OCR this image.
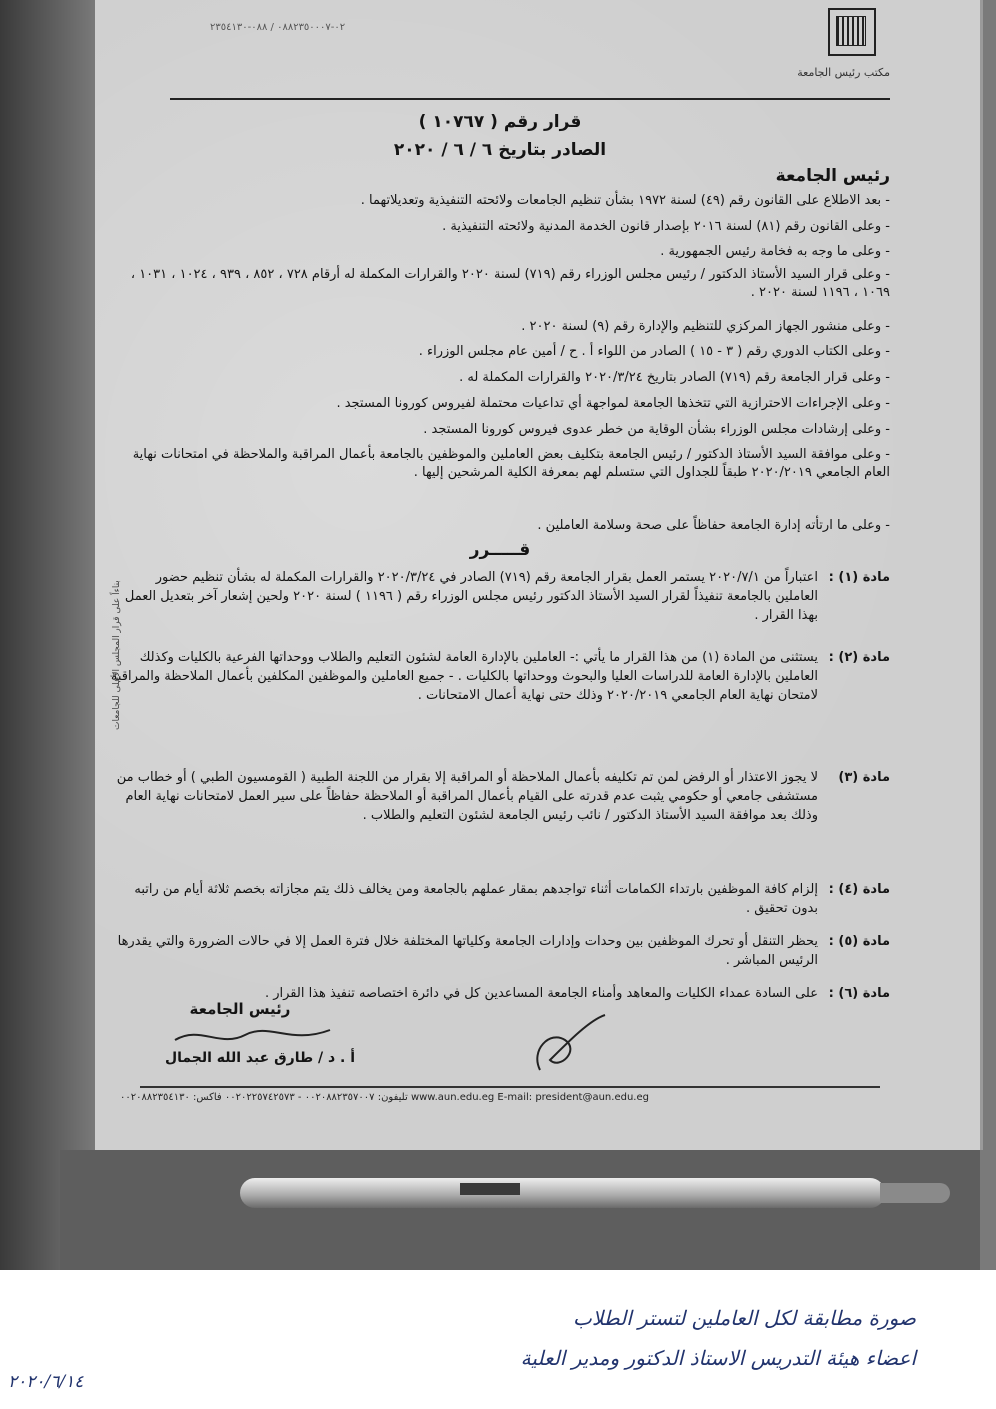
مكتب رئيس الجامعة
٠٢-٠٨٨٢٣٥٠٠٠٧ / ٠٨٨-٢٣٥٤١٣٠
قرار رقم ( ١٠٧٦٧ )
الصادر بتاريخ ٦ / ٦ / ٢٠٢٠
رئيس الجامعة
- بعد الاطلاع على القانون رقم (٤٩) لسنة ١٩٧٢ بشأن تنظيم الجامعات ولائحته التنفيذية وتعديلاتهما .
- وعلى القانون رقم (٨١) لسنة ٢٠١٦ بإصدار قانون الخدمة المدنية ولائحته التنفيذية .
- وعلى ما وجه به فخامة رئيس الجمهورية .
- وعلى قرار السيد الأستاذ الدكتور / رئيس مجلس الوزراء رقم (٧١٩) لسنة ٢٠٢٠ والقرارات المكملة له أرقام ٧٢٨ ، ٨٥٢ ، ٩٣٩ ، ١٠٢٤ ، ١٠٣١ ، ١٠٦٩ ، ١١٩٦ لسنة ٢٠٢٠ .
- وعلى منشور الجهاز المركزي للتنظيم والإدارة رقم (٩) لسنة ٢٠٢٠ .
- وعلى الكتاب الدوري رقم ( ٣ - ١٥ ) الصادر من اللواء أ . ح / أمين عام مجلس الوزراء .
- وعلى قرار الجامعة رقم (٧١٩) الصادر بتاريخ ٢٠٢٠/٣/٢٤ والقرارات المكملة له .
- وعلى الإجراءات الاحترازية التي تتخذها الجامعة لمواجهة أي تداعيات محتملة لفيروس كورونا المستجد .
- وعلى إرشادات مجلس الوزراء بشأن الوقاية من خطر عدوى فيروس كورونا المستجد .
- وعلى موافقة السيد الأستاذ الدكتور / رئيس الجامعة بتكليف بعض العاملين والموظفين بالجامعة بأعمال المراقبة والملاحظة في امتحانات نهاية العام الجامعي ٢٠٢٠/٢٠١٩ طبقاً للجداول التي ستسلم لهم بمعرفة الكلية المرشحين إليها .
- وعلى ما ارتأته إدارة الجامعة حفاظاً على صحة وسلامة العاملين .
قـــــرر
مادة (١) :
اعتباراً من ٢٠٢٠/٧/١ يستمر العمل بقرار الجامعة رقم (٧١٩) الصادر في ٢٠٢٠/٣/٢٤ والقرارات المكملة له بشأن تنظيم حضور العاملين بالجامعة تنفيذاً لقرار السيد الأستاذ الدكتور رئيس مجلس الوزراء رقم ( ١١٩٦ ) لسنة ٢٠٢٠ ولحين إشعار آخر بتعديل العمل بهذا القرار .
مادة (٢) :
يستثنى من المادة (١) من هذا القرار ما يأتي :- العاملين بالإدارة العامة لشئون التعليم والطلاب ووحداتها الفرعية بالكليات وكذلك العاملين بالإدارة العامة للدراسات العليا والبحوث ووحداتها بالكليات . - جميع العاملين والموظفين المكلفين بأعمال الملاحظة والمراقبة لامتحان نهاية العام الجامعي ٢٠٢٠/٢٠١٩ وذلك حتى نهاية أعمال الامتحانات .
مادة (٣)
لا يجوز الاعتذار أو الرفض لمن تم تكليفه بأعمال الملاحظة أو المراقبة إلا بقرار من اللجنة الطبية ( القومسيون الطبي ) أو خطاب من مستشفى جامعي أو حكومي يثبت عدم قدرته على القيام بأعمال المراقبة أو الملاحظة حفاظاً على سير العمل لامتحانات نهاية العام وذلك بعد موافقة السيد الأستاذ الدكتور / نائب رئيس الجامعة لشئون التعليم والطلاب .
مادة (٤) :
إلزام كافة الموظفين بارتداء الكمامات أثناء تواجدهم بمقار عملهم بالجامعة ومن يخالف ذلك يتم مجازاته بخصم ثلاثة أيام من راتبه بدون تحقيق .
مادة (٥) :
يحظر التنقل أو تحرك الموظفين بين وحدات وإدارات الجامعة وكلياتها المختلفة خلال فترة العمل إلا في حالات الضرورة والتي يقدرها الرئيس المباشر .
مادة (٦) :
على السادة عمداء الكليات والمعاهد وأمناء الجامعة المساعدين كل في دائرة اختصاصه تنفيذ هذا القرار .
رئيس الجامعة
أ . د / طارق عبد الله الجمال
تليفون: ٠٠٢٠٨٨٢٣٥٧٠٠٧ - ٠٠٢٠٢٢٥٧٤٢٥٧٣ فاكس: ٠٠٢٠٨٨٢٣٥٤١٣٠ www.aun.edu.eg E-mail: president@aun.edu.eg
بناءاً على قرار المجلس الأعلى للجامعات
صورة مطابقة لكل العاملين لتستر الطلاب
اعضاء هيئة التدريس الاستاذ الدكتور ومدير العلية
٢٠٢٠/٦/١٤
